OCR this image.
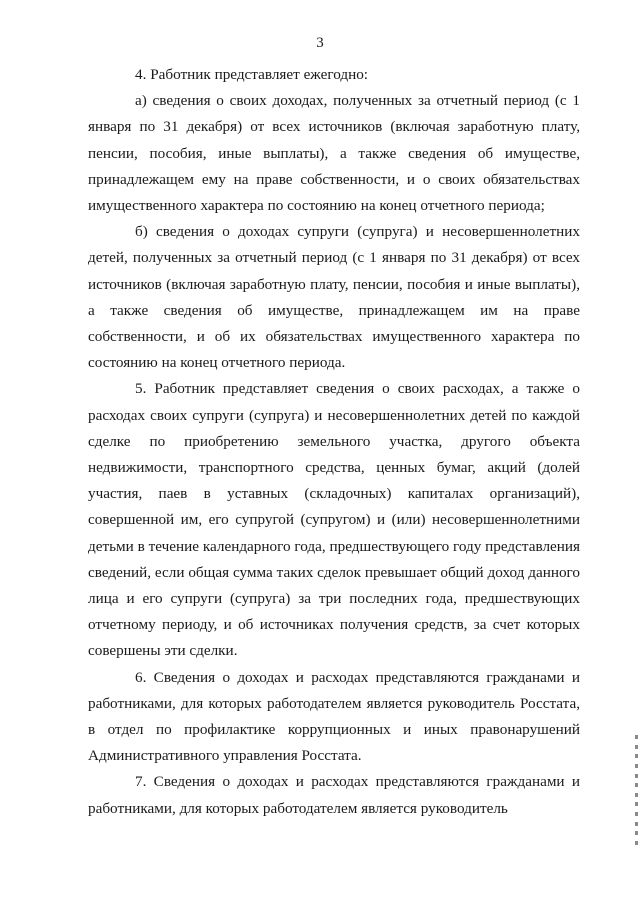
3

4. Работник представляет ежегодно:

а) сведения о своих доходах, полученных за отчетный период (с 1 января по 31 декабря) от всех источников (включая заработную плату, пенсии, пособия, иные выплаты), а также сведения об имуществе, принадлежащем ему на праве собственности, и о своих обязательствах имущественного характера по состоянию на конец отчетного периода;

б) сведения о доходах супруги (супруга) и несовершеннолетних детей, полученных за отчетный период (с 1 января по 31 декабря) от всех источников (включая заработную плату, пенсии, пособия и иные выплаты), а также сведения об имуществе, принадлежащем им на праве собственности, и об их обязательствах имущественного характера по состоянию на конец отчетного периода.

5. Работник представляет сведения о своих расходах, а также о расходах своих супруги (супруга) и несовершеннолетних детей по каждой сделке по приобретению земельного участка, другого объекта недвижимости, транспортного средства, ценных бумаг, акций (долей участия, паев в уставных (складочных) капиталах организаций), совершенной им, его супругой (супругом) и (или) несовершеннолетними детьми в течение календарного года, предшествующего году представления сведений, если общая сумма таких сделок превышает общий доход данного лица и его супруги (супруга) за три последних года, предшествующих отчетному периоду, и об источниках получения средств, за счет которых совершены эти сделки.

6. Сведения о доходах и расходах представляются гражданами и работниками, для которых работодателем является руководитель Росстата, в отдел по профилактике коррупционных и иных правонарушений Административного управления Росстата.

7. Сведения о доходах и расходах представляются гражданами и работниками, для которых работодателем является руководитель
